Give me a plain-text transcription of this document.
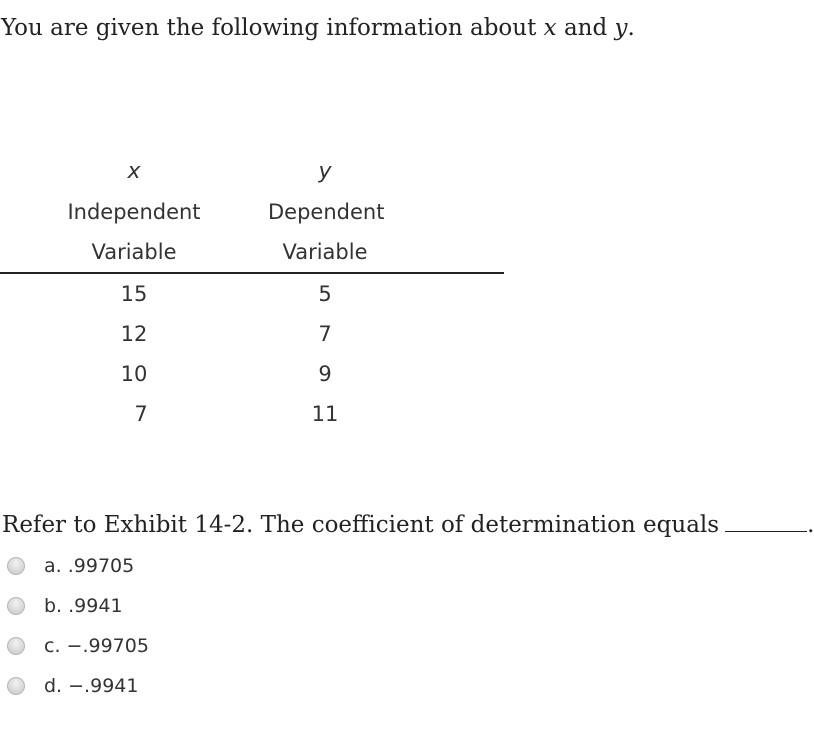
You are given the following information about x and y.
x	y
Independent	Dependent
Variable	Variable
15	5
12	7
10	9
7	11
Refer to Exhibit 14-2. The coefficient of determination equals	.
a. .99705
b. .9941
c. −.99705
d. −.9941
